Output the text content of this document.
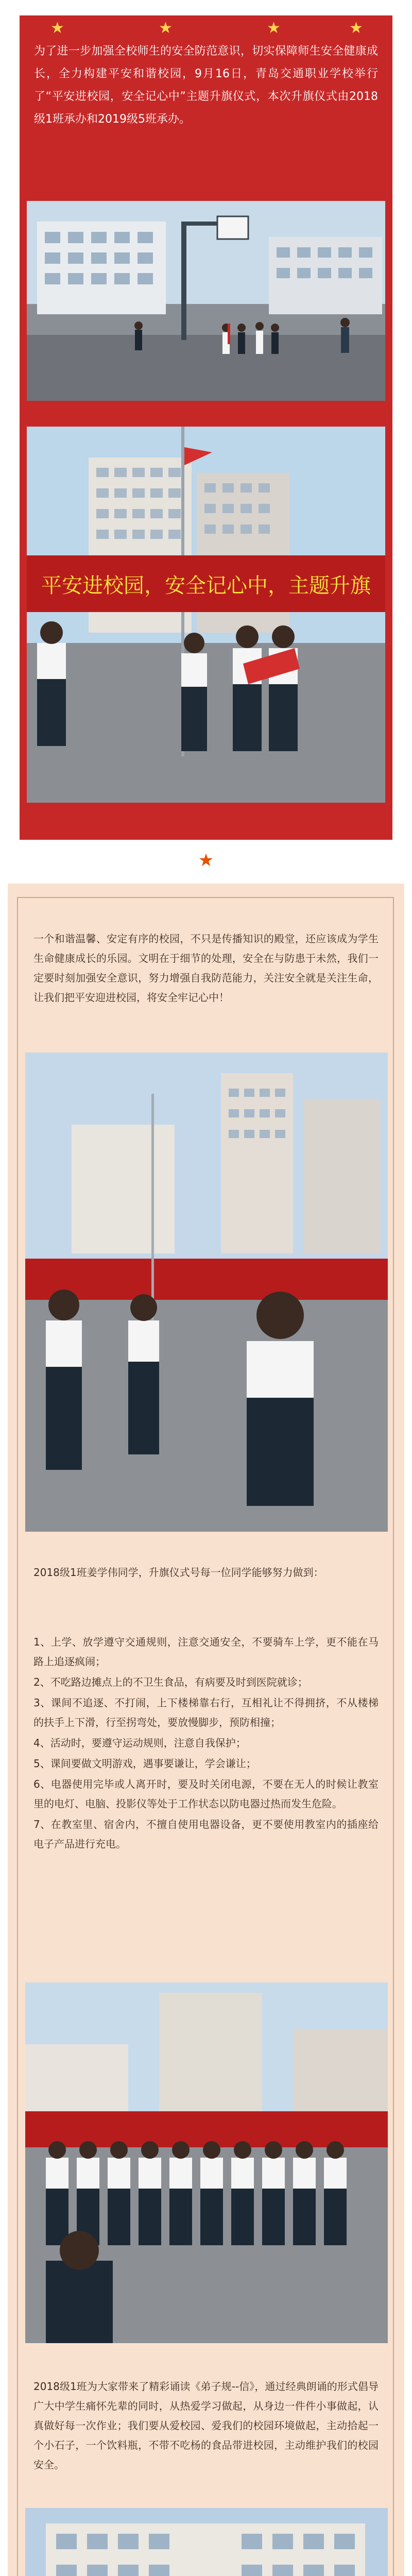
★	★	★	★

为了进一步加强全校师生的安全防范意识，切实保障师生安全健康成长，全力构建平安和谐校园，9月16日，青岛交通职业学校举行了“平安进校园，安全记心中”主题升旗仪式，本次升旗仪式由2018级1班承办和2019级5班承办。

平安进校园，安全记心中，主题升旗
★

一个和谐温馨、安定有序的校园，不只是传播知识的殿堂，还应该成为学生生命健康成长的乐园。文明在于细节的处理，安全在与防患于未然，我们一定要时刻加强安全意识，努力增强自我防范能力，关注安全就是关注生命，让我们把平安迎进校园，将安全牢记心中！

2018级1班姜学伟同学，升旗仪式号每一位同学能够努力做到：

1、上学、放学遵守交通规则，注意交通安全，不要骑车上学，更不能在马路上追逐疯闹；
2、不吃路边摊点上的不卫生食品，有病要及时到医院就诊；
3、课间不追逐、不打闹，上下楼梯靠右行，互相礼让不得拥挤，不从楼梯的扶手上下滑，行至拐弯处，要放慢脚步，预防相撞；
4、活动时，要遵守运动规则，注意自我保护；
5、课间要做文明游戏，遇事要谦让，学会谦让；
6、电器使用完毕或人离开时，要及时关闭电源，不要在无人的时候让教室里的电灯、电脑、投影仪等处于工作状态以防电器过热而发生危险。
7、在教室里、宿舍内，不擅自使用电器设备，更不要使用教室内的插座给电子产品进行充电。

2018级1班为大家带来了精彩诵读《弟子规--信》，通过经典朗诵的形式倡导广大中学生痛怀先辈的同时，从热爱学习做起，从身边一件件小事做起，认真做好每一次作业；我们要从爱校园、爱我们的校园环境做起，主动拾起一个小石子，一个饮料瓶，不带不吃杨的食品带进校园，主动维护我们的校园安全。
